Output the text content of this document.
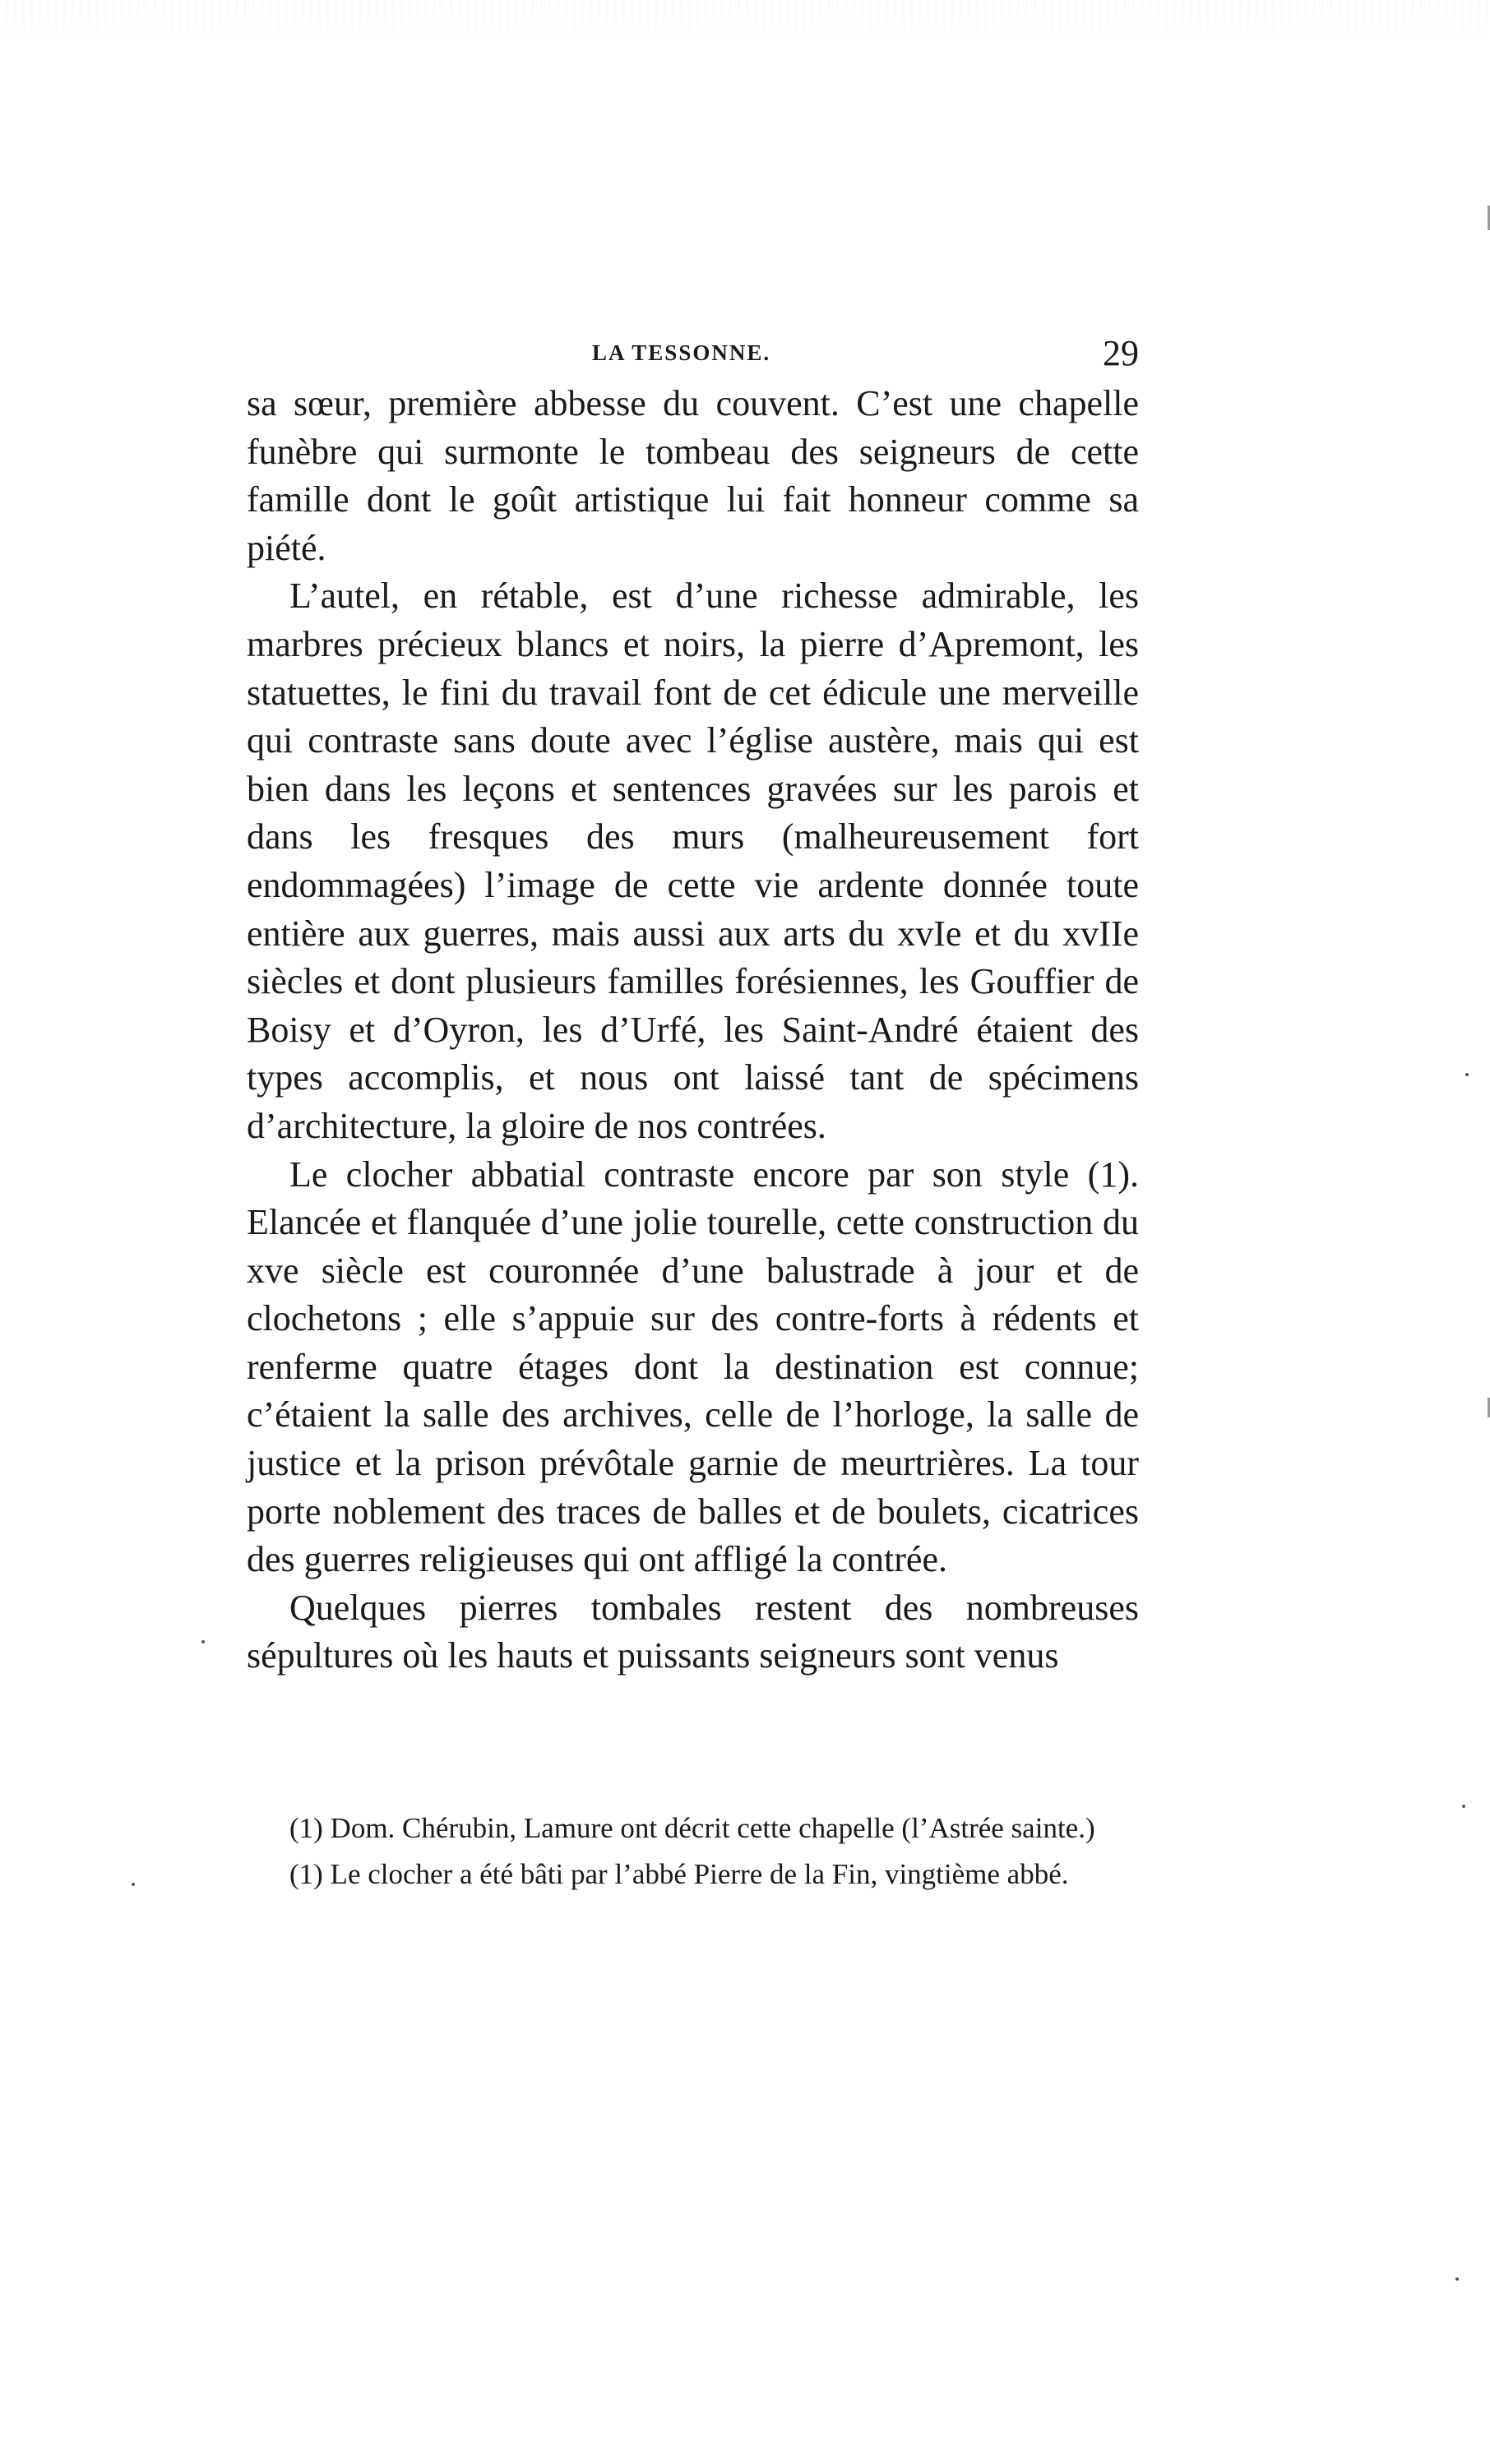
LA TESSONNE.	29

sa sœur, première abbesse du couvent. C’est une chapelle funèbre qui surmonte le tombeau des seigneurs de cette famille dont le goût artistique lui fait honneur comme sa piété.

L’autel, en rétable, est d’une richesse admirable, les marbres précieux blancs et noirs, la pierre d’Apremont, les statuettes, le fini du travail font de cet édicule une merveille qui contraste sans doute avec l’église austère, mais qui est bien dans les leçons et sentences gravées sur les parois et dans les fresques des murs (malheureusement fort endommagées) l’image de cette vie ardente donnée toute entière aux guerres, mais aussi aux arts du xvIe et du xvIIe siècles et dont plusieurs familles forésiennes, les Gouffier de Boisy et d’Oyron, les d’Urfé, les Saint-André étaient des types accomplis, et nous ont laissé tant de spécimens d’architecture, la gloire de nos contrées.

Le clocher abbatial contraste encore par son style (1). Elancée et flanquée d’une jolie tourelle, cette construction du xve siècle est couronnée d’une balustrade à jour et de clochetons ; elle s’appuie sur des contre-forts à rédents et renferme quatre étages dont la destination est connue; c’étaient la salle des archives, celle de l’horloge, la salle de justice et la prison prévôtale garnie de meurtrières. La tour porte noblement des traces de balles et de boulets, cicatrices des guerres religieuses qui ont affligé la contrée.

Quelques pierres tombales restent des nombreuses sépultures où les hauts et puissants seigneurs sont venus

(1) Dom. Chérubin, Lamure ont décrit cette chapelle (l’Astrée sainte.)

(1) Le clocher a été bâti par l’abbé Pierre de la Fin, vingtième abbé.
